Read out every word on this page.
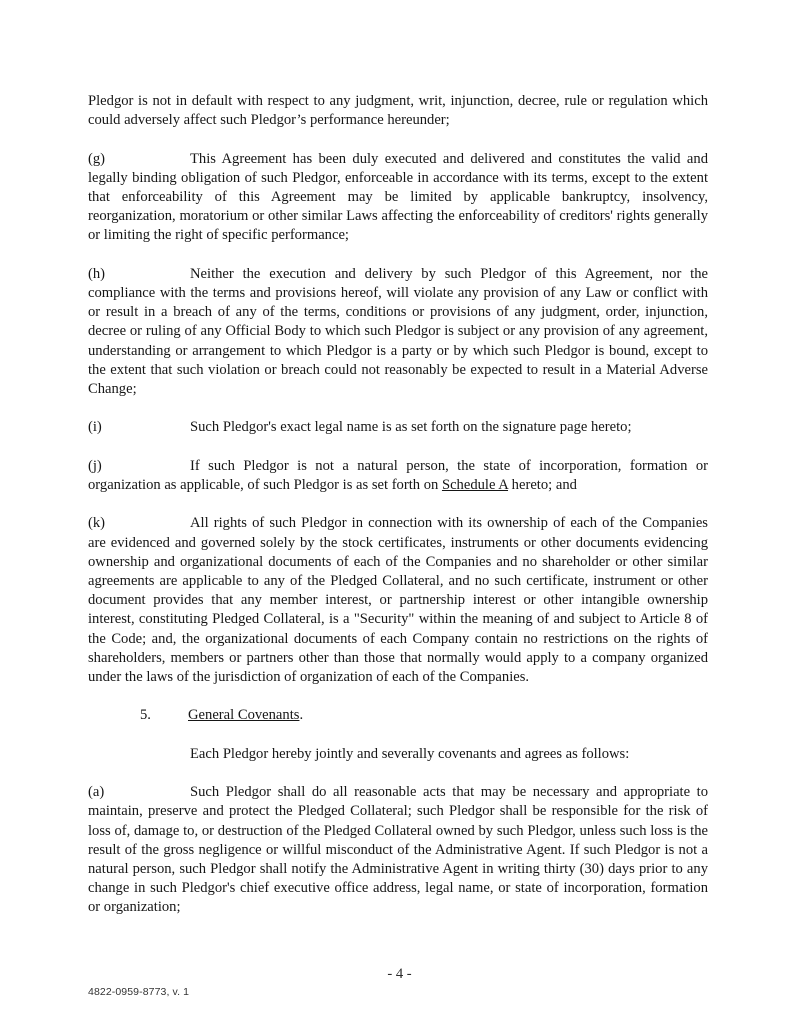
Pledgor is not in default with respect to any judgment, writ, injunction, decree, rule or regulation which could adversely affect such Pledgor’s performance hereunder;

(g)	This Agreement has been duly executed and delivered and constitutes the valid and legally binding obligation of such Pledgor, enforceable in accordance with its terms, except to the extent that enforceability of this Agreement may be limited by applicable bankruptcy, insolvency, reorganization, moratorium or other similar Laws affecting the enforceability of creditors' rights generally or limiting the right of specific performance;

(h)	Neither the execution and delivery by such Pledgor of this Agreement, nor the compliance with the terms and provisions hereof, will violate any provision of any Law or conflict with or result in a breach of any of the terms, conditions or provisions of any judgment, order, injunction, decree or ruling of any Official Body to which such Pledgor is subject or any provision of any agreement, understanding or arrangement to which Pledgor is a party or by which such Pledgor is bound, except to the extent that such violation or breach could not reasonably be expected to result in a Material Adverse Change;

(i)	Such Pledgor's exact legal name is as set forth on the signature page hereto;

(j)	If such Pledgor is not a natural person, the state of incorporation, formation or organization as applicable, of such Pledgor is as set forth on Schedule A hereto; and

(k)	All rights of such Pledgor in connection with its ownership of each of the Companies are evidenced and governed solely by the stock certificates, instruments or other documents evidencing ownership and organizational documents of each of the Companies and no shareholder or other similar agreements are applicable to any of the Pledged Collateral, and no such certificate, instrument or other document provides that any member interest, or partnership interest or other intangible ownership interest, constituting Pledged Collateral, is a "Security" within the meaning of and subject to Article 8 of the Code; and, the organizational documents of each Company contain no restrictions on the rights of shareholders, members or partners other than those that normally would apply to a company organized under the laws of the jurisdiction of organization of each of the Companies.

5.	General Covenants.

Each Pledgor hereby jointly and severally covenants and agrees as follows:

(a)	Such Pledgor shall do all reasonable acts that may be necessary and appropriate to maintain, preserve and protect the Pledged Collateral; such Pledgor shall be responsible for the risk of loss of, damage to, or destruction of the Pledged Collateral owned by such Pledgor, unless such loss is the result of the gross negligence or willful misconduct of the Administrative Agent. If such Pledgor is not a natural person, such Pledgor shall notify the Administrative Agent in writing thirty (30) days prior to any change in such Pledgor's chief executive office address, legal name, or state of incorporation, formation or organization;

- 4 -
4822-0959-8773, v. 1
